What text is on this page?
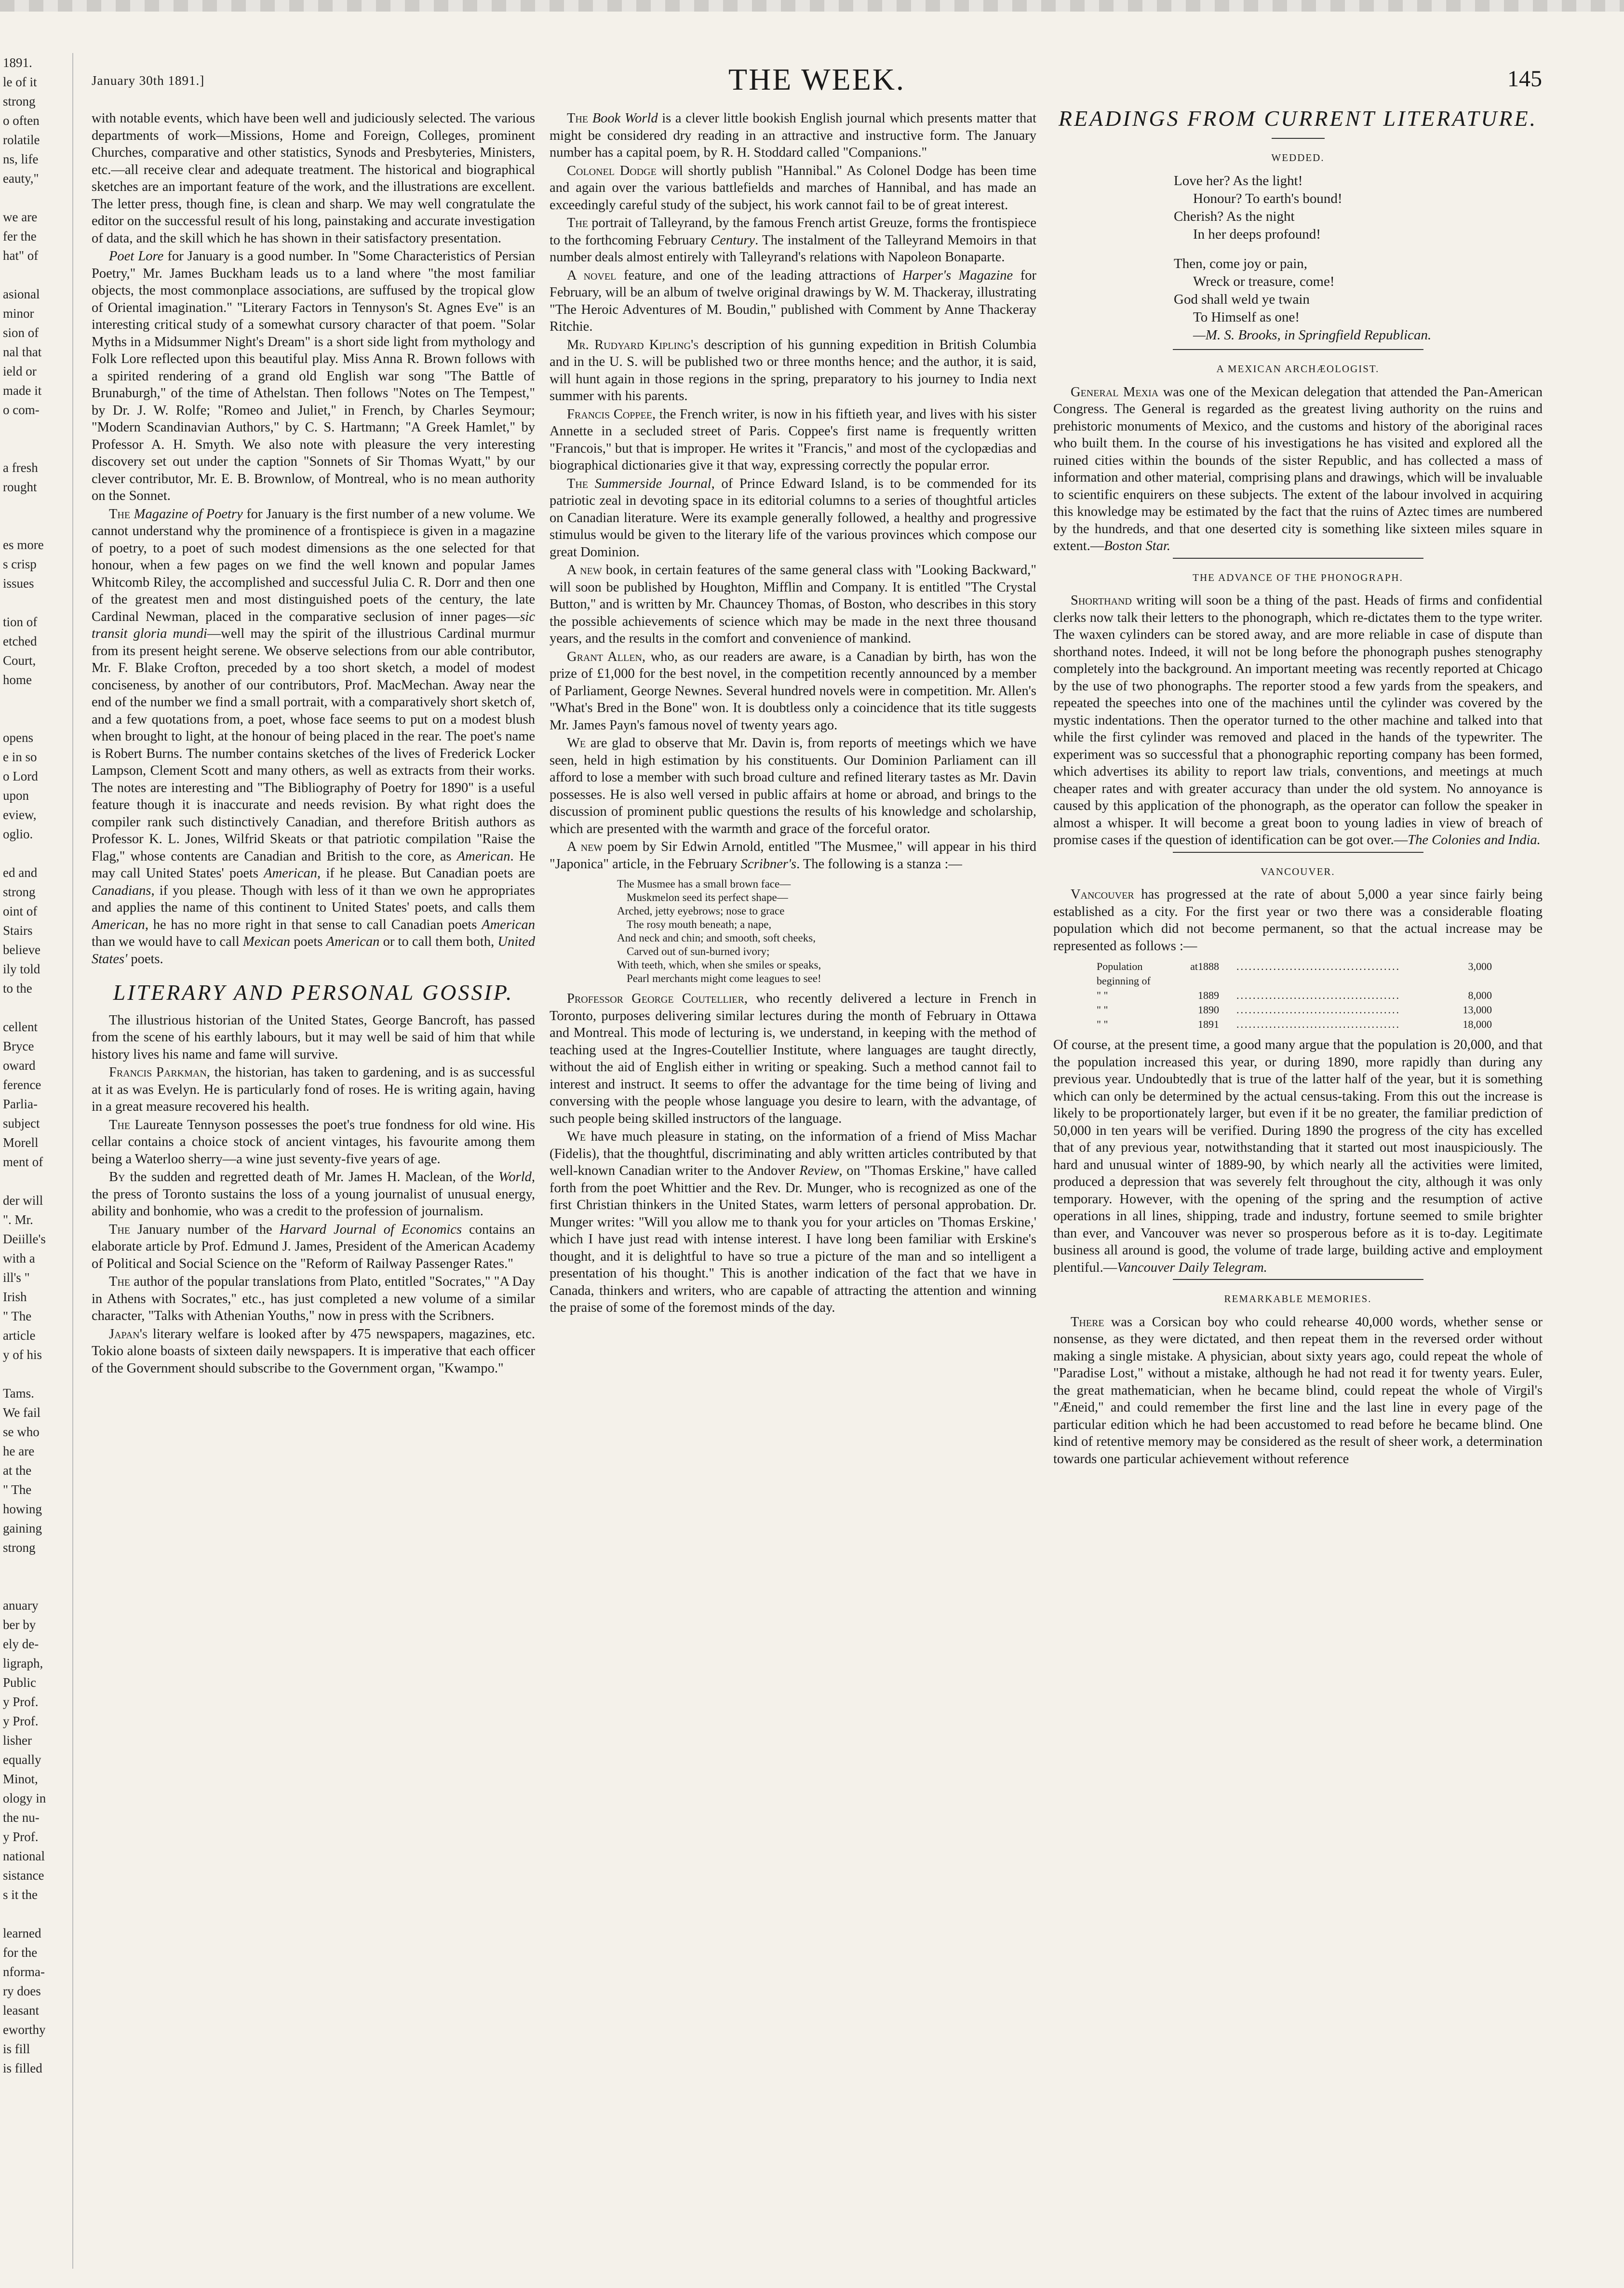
1891.
le of it
strong
o often
rolatile
ns, life
eauty,"

we are
fer the
hat" of

asional
minor
sion of
nal that
ield or
made it
o com-

a fresh
rought

es more
s crisp
issues

tion of
etched
Court,
home

opens
e in so
o Lord
upon
eview,
oglio.

ed and
strong
oint of
Stairs
believe
ily told
to the

cellent
Bryce
oward
ference
Parlia-
subject
Morell
ment of

der will
". Mr.
Deiille's
with a
ill's "
Irish
" The
article
y of his

Tams.
We fail
se who
he are
at the
" The
howing
gaining
strong

anuary
ber by
ely de-
ligraph,
Public
y Prof.
y Prof.
lisher
equally
Minot,
ology in
the nu-
y Prof.
national
sistance
s it the

learned
for the
nforma-
ry does
leasant
eworthy
is fill
is filled
January 30th 1891.]	THE WEEK.	145

with notable events, which have been well and judiciously selected. The various departments of work—Missions, Home and Foreign, Colleges, prominent Churches, comparative and other statistics, Synods and Presbyteries, Ministers, etc.—all receive clear and adequate treatment. The historical and biographical sketches are an important feature of the work, and the illustrations are excellent. The letter press, though fine, is clean and sharp. We may well congratulate the editor on the successful result of his long, painstaking and accurate investigation of data, and the skill which he has shown in their satisfactory presentation.

Poet Lore for January is a good number. In "Some Characteristics of Persian Poetry," Mr. James Buckham leads us to a land where "the most familiar objects, the most commonplace associations, are suffused by the tropical glow of Oriental imagination." "Literary Factors in Tennyson's St. Agnes Eve" is an interesting critical study of a somewhat cursory character of that poem. "Solar Myths in a Midsummer Night's Dream" is a short side light from mythology and Folk Lore reflected upon this beautiful play. Miss Anna R. Brown follows with a spirited rendering of a grand old English war song "The Battle of Brunaburgh," of the time of Athelstan. Then follows "Notes on The Tempest," by Dr. J. W. Rolfe; "Romeo and Juliet," in French, by Charles Seymour; "Modern Scandinavian Authors," by C. S. Hartmann; "A Greek Hamlet," by Professor A. H. Smyth. We also note with pleasure the very interesting discovery set out under the caption "Sonnets of Sir Thomas Wyatt," by our clever contributor, Mr. E. B. Brownlow, of Montreal, who is no mean authority on the Sonnet.

The Magazine of Poetry for January is the first number of a new volume. We cannot understand why the prominence of a frontispiece is given in a magazine of poetry, to a poet of such modest dimensions as the one selected for that honour, when a few pages on we find the well known and popular James Whitcomb Riley, the accomplished and successful Julia C. R. Dorr and then one of the greatest men and most distinguished poets of the century, the late Cardinal Newman, placed in the comparative seclusion of inner pages—sic transit gloria mundi—well may the spirit of the illustrious Cardinal murmur from its present height serene. We observe selections from our able contributor, Mr. F. Blake Crofton, preceded by a too short sketch, a model of modest conciseness, by another of our contributors, Prof. MacMechan. Away near the end of the number we find a small portrait, with a comparatively short sketch of, and a few quotations from, a poet, whose face seems to put on a modest blush when brought to light, at the honour of being placed in the rear. The poet's name is Robert Burns. The number contains sketches of the lives of Frederick Locker Lampson, Clement Scott and many others, as well as extracts from their works. The notes are interesting and "The Bibliography of Poetry for 1890" is a useful feature though it is inaccurate and needs revision. By what right does the compiler rank such distinctively Canadian, and therefore British authors as Professor K. L. Jones, Wilfrid Skeats or that patriotic compilation "Raise the Flag," whose contents are Canadian and British to the core, as American. He may call United States' poets American, if he please. But Canadian poets are Canadians, if you please. Though with less of it than we own he appropriates and applies the name of this continent to United States' poets, and calls them American, he has no more right in that sense to call Canadian poets American than we would have to call Mexican poets American or to call them both, United States' poets.

LITERARY AND PERSONAL GOSSIP.

The illustrious historian of the United States, George Bancroft, has passed from the scene of his earthly labours, but it may well be said of him that while history lives his name and fame will survive.

Francis Parkman, the historian, has taken to gardening, and is as successful at it as was Evelyn. He is particularly fond of roses. He is writing again, having in a great measure recovered his health.

The Laureate Tennyson possesses the poet's true fondness for old wine. His cellar contains a choice stock of ancient vintages, his favourite among them being a Waterloo sherry—a wine just seventy-five years of age.

By the sudden and regretted death of Mr. James H. Maclean, of the World, the press of Toronto sustains the loss of a young journalist of unusual energy, ability and bonhomie, who was a credit to the profession of journalism.

The January number of the Harvard Journal of Economics contains an elaborate article by Prof. Edmund J. James, President of the American Academy of Political and Social Science on the "Reform of Railway Passenger Rates."

The author of the popular translations from Plato, entitled "Socrates," "A Day in Athens with Socrates," etc., has just completed a new volume of a similar character, "Talks with Athenian Youths," now in press with the Scribners.

Japan's literary welfare is looked after by 475 newspapers, magazines, etc. Tokio alone boasts of sixteen daily newspapers. It is imperative that each officer of the Government should subscribe to the Government organ, "Kwampo."

The Book World is a clever little bookish English journal which presents matter that might be considered dry reading in an attractive and instructive form. The January number has a capital poem, by R. H. Stoddard called "Companions."

Colonel Dodge will shortly publish "Hannibal." As Colonel Dodge has been time and again over the various battlefields and marches of Hannibal, and has made an exceedingly careful study of the subject, his work cannot fail to be of great interest.

The portrait of Talleyrand, by the famous French artist Greuze, forms the frontispiece to the forthcoming February Century. The instalment of the Talleyrand Memoirs in that number deals almost entirely with Talleyrand's relations with Napoleon Bonaparte.

A novel feature, and one of the leading attractions of Harper's Magazine for February, will be an album of twelve original drawings by W. M. Thackeray, illustrating "The Heroic Adventures of M. Boudin," published with Comment by Anne Thackeray Ritchie.

Mr. Rudyard Kipling's description of his gunning expedition in British Columbia and in the U. S. will be published two or three months hence; and the author, it is said, will hunt again in those regions in the spring, preparatory to his journey to India next summer with his parents.

Francis Coppee, the French writer, is now in his fiftieth year, and lives with his sister Annette in a secluded street of Paris. Coppee's first name is frequently written "Francois," but that is improper. He writes it "Francis," and most of the cyclopædias and biographical dictionaries give it that way, expressing correctly the popular error.

The Summerside Journal, of Prince Edward Island, is to be commended for its patriotic zeal in devoting space in its editorial columns to a series of thoughtful articles on Canadian literature. Were its example generally followed, a healthy and progressive stimulus would be given to the literary life of the various provinces which compose our great Dominion.

A new book, in certain features of the same general class with "Looking Backward," will soon be published by Houghton, Mifflin and Company. It is entitled "The Crystal Button," and is written by Mr. Chauncey Thomas, of Boston, who describes in this story the possible achievements of science which may be made in the next three thousand years, and the results in the comfort and convenience of mankind.

Grant Allen, who, as our readers are aware, is a Canadian by birth, has won the prize of £1,000 for the best novel, in the competition recently announced by a member of Parliament, George Newnes. Several hundred novels were in competition. Mr. Allen's "What's Bred in the Bone" won. It is doubtless only a coincidence that its title suggests Mr. James Payn's famous novel of twenty years ago.

We are glad to observe that Mr. Davin is, from reports of meetings which we have seen, held in high estimation by his constituents. Our Dominion Parliament can ill afford to lose a member with such broad culture and refined literary tastes as Mr. Davin possesses. He is also well versed in public affairs at home or abroad, and brings to the discussion of prominent public questions the results of his knowledge and scholarship, which are presented with the warmth and grace of the forceful orator.

A new poem by Sir Edwin Arnold, entitled "The Musmee," will appear in his third "Japonica" article, in the February Scribner's. The following is a stanza :—

The Musmee has a small brown face—
Muskmelon seed its perfect shape—
Arched, jetty eyebrows; nose to grace
The rosy mouth beneath; a nape,
And neck and chin; and smooth, soft cheeks,
Carved out of sun-burned ivory;
With teeth, which, when she smiles or speaks,
Pearl merchants might come leagues to see!

Professor George Coutellier, who recently delivered a lecture in French in Toronto, purposes delivering similar lectures during the month of February in Ottawa and Montreal. This mode of lecturing is, we understand, in keeping with the method of teaching used at the Ingres-Coutellier Institute, where languages are taught directly, without the aid of English either in writing or speaking. Such a method cannot fail to interest and instruct. It seems to offer the advantage for the time being of living and conversing with the people whose language you desire to learn, with the advantage, of such people being skilled instructors of the language.

We have much pleasure in stating, on the information of a friend of Miss Machar (Fidelis), that the thoughtful, discriminating and ably written articles contributed by that well-known Canadian writer to the Andover Review, on "Thomas Erskine," have called forth from the poet Whittier and the Rev. Dr. Munger, who is recognized as one of the first Christian thinkers in the United States, warm letters of personal approbation. Dr. Munger writes: "Will you allow me to thank you for your articles on 'Thomas Erskine,' which I have just read with intense interest. I have long been familiar with Erskine's thought, and it is delightful to have so true a picture of the man and so intelligent a presentation of his thought." This is another indication of the fact that we have in Canada, thinkers and writers, who are capable of attracting the attention and winning the praise of some of the foremost minds of the day.

READINGS FROM CURRENT LITERATURE.
WEDDED.
Love her? As the light!
Honour? To earth's bound!
Cherish? As the night
In her deeps profound!
Then, come joy or pain,
Wreck or treasure, come!
God shall weld ye twain
To Himself as one!
—M. S. Brooks, in Springfield Republican.
A MEXICAN ARCHÆOLOGIST.

General Mexia was one of the Mexican delegation that attended the Pan-American Congress. The General is regarded as the greatest living authority on the ruins and prehistoric monuments of Mexico, and the customs and history of the aboriginal races who built them. In the course of his investigations he has visited and explored all the ruined cities within the bounds of the sister Republic, and has collected a mass of information and other material, comprising plans and drawings, which will be invaluable to scientific enquirers on these subjects. The extent of the labour involved in acquiring this knowledge may be estimated by the fact that the ruins of Aztec times are numbered by the hundreds, and that one deserted city is something like sixteen miles square in extent.—Boston Star.

THE ADVANCE OF THE PHONOGRAPH.

Shorthand writing will soon be a thing of the past. Heads of firms and confidential clerks now talk their letters to the phonograph, which re-dictates them to the type writer. The waxen cylinders can be stored away, and are more reliable in case of dispute than shorthand notes. Indeed, it will not be long before the phonograph pushes stenography completely into the background. An important meeting was recently reported at Chicago by the use of two phonographs. The reporter stood a few yards from the speakers, and repeated the speeches into one of the machines until the cylinder was covered by the mystic indentations. Then the operator turned to the other machine and talked into that while the first cylinder was removed and placed in the hands of the typewriter. The experiment was so successful that a phonographic reporting company has been formed, which advertises its ability to report law trials, conventions, and meetings at much cheaper rates and with greater accuracy than under the old system. No annoyance is caused by this application of the phonograph, as the operator can follow the speaker in almost a whisper. It will become a great boon to young ladies in view of breach of promise cases if the question of identification can be got over.—The Colonies and India.

VANCOUVER.

Vancouver has progressed at the rate of about 5,000 a year since fairly being established as a city. For the first year or two there was a considerable floating population which did not become permanent, so that the actual increase may be represented as follows :—

Population at beginning of
1888	........................................	3,000
" "	1889	........................................	8,000
" "	1890	........................................	13,000
" "	1891	........................................	18,000

Of course, at the present time, a good many argue that the population is 20,000, and that the population increased this year, or during 1890, more rapidly than during any previous year. Undoubtedly that is true of the latter half of the year, but it is something which can only be determined by the actual census-taking. From this out the increase is likely to be proportionately larger, but even if it be no greater, the familiar prediction of 50,000 in ten years will be verified. During 1890 the progress of the city has excelled that of any previous year, notwithstanding that it started out most inauspiciously. The hard and unusual winter of 1889-90, by which nearly all the activities were limited, produced a depression that was severely felt throughout the city, although it was only temporary. However, with the opening of the spring and the resumption of active operations in all lines, shipping, trade and industry, fortune seemed to smile brighter than ever, and Vancouver was never so prosperous before as it is to-day. Legitimate business all around is good, the volume of trade large, building active and employment plentiful.—Vancouver Daily Telegram.

REMARKABLE MEMORIES.

There was a Corsican boy who could rehearse 40,000 words, whether sense or nonsense, as they were dictated, and then repeat them in the reversed order without making a single mistake. A physician, about sixty years ago, could repeat the whole of "Paradise Lost," without a mistake, although he had not read it for twenty years. Euler, the great mathematician, when he became blind, could repeat the whole of Virgil's "Æneid," and could remember the first line and the last line in every page of the particular edition which he had been accustomed to read before he became blind. One kind of retentive memory may be considered as the result of sheer work, a determination towards one particular achievement without reference
